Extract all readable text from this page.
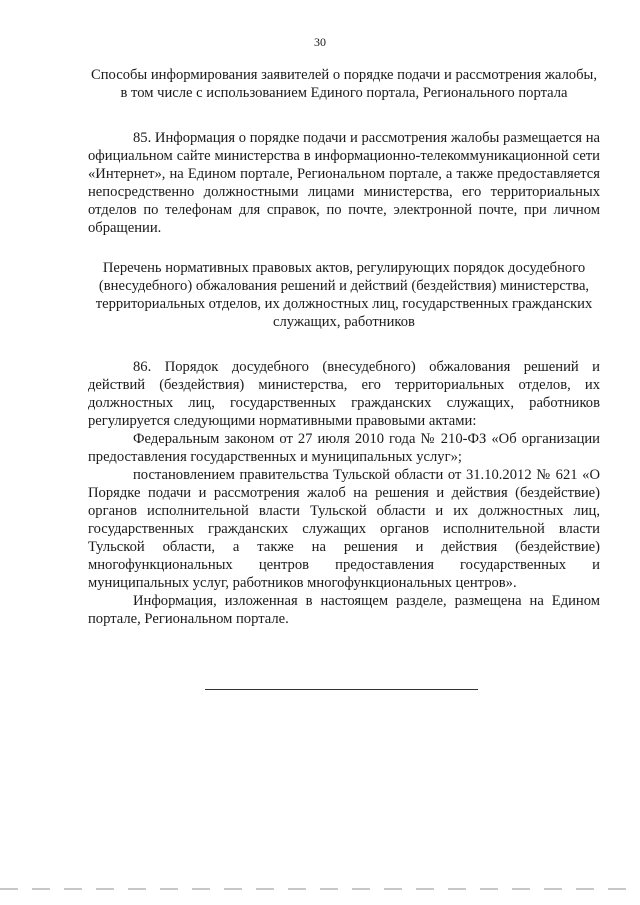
30

Способы информирования заявителей о порядке подачи и рассмотрения жалобы, в том числе с использованием Единого портала, Регионального портала

85. Информация о порядке подачи и рассмотрения жалобы размещается на официальном сайте министерства в информационно-телекоммуникационной сети «Интернет», на Едином портале, Региональном портале, а также предоставляется непосредственно должностными лицами министерства, его территориальных отделов по телефонам для справок, по почте, электронной почте, при личном обращении.

Перечень нормативных правовых актов, регулирующих порядок досудебного (внесудебного) обжалования решений и действий (бездействия) министерства, территориальных отделов, их должностных лиц, государственных гражданских служащих, работников

86. Порядок досудебного (внесудебного) обжалования решений и действий (бездействия) министерства, его территориальных отделов, их должностных лиц, государственных гражданских служащих, работников регулируется следующими нормативными правовыми актами:

Федеральным законом от 27 июля 2010 года № 210-ФЗ «Об организации предоставления государственных и муниципальных услуг»;

постановлением правительства Тульской области от 31.10.2012 № 621 «О Порядке подачи и рассмотрения жалоб на решения и действия (бездействие) органов исполнительной власти Тульской области и их должностных лиц, государственных гражданских служащих органов исполнительной власти Тульской области, а также на решения и действия (бездействие) многофункциональных центров предоставления государственных и муниципальных услуг, работников многофункциональных центров».

Информация, изложенная в настоящем разделе, размещена на Едином портале, Региональном портале.
